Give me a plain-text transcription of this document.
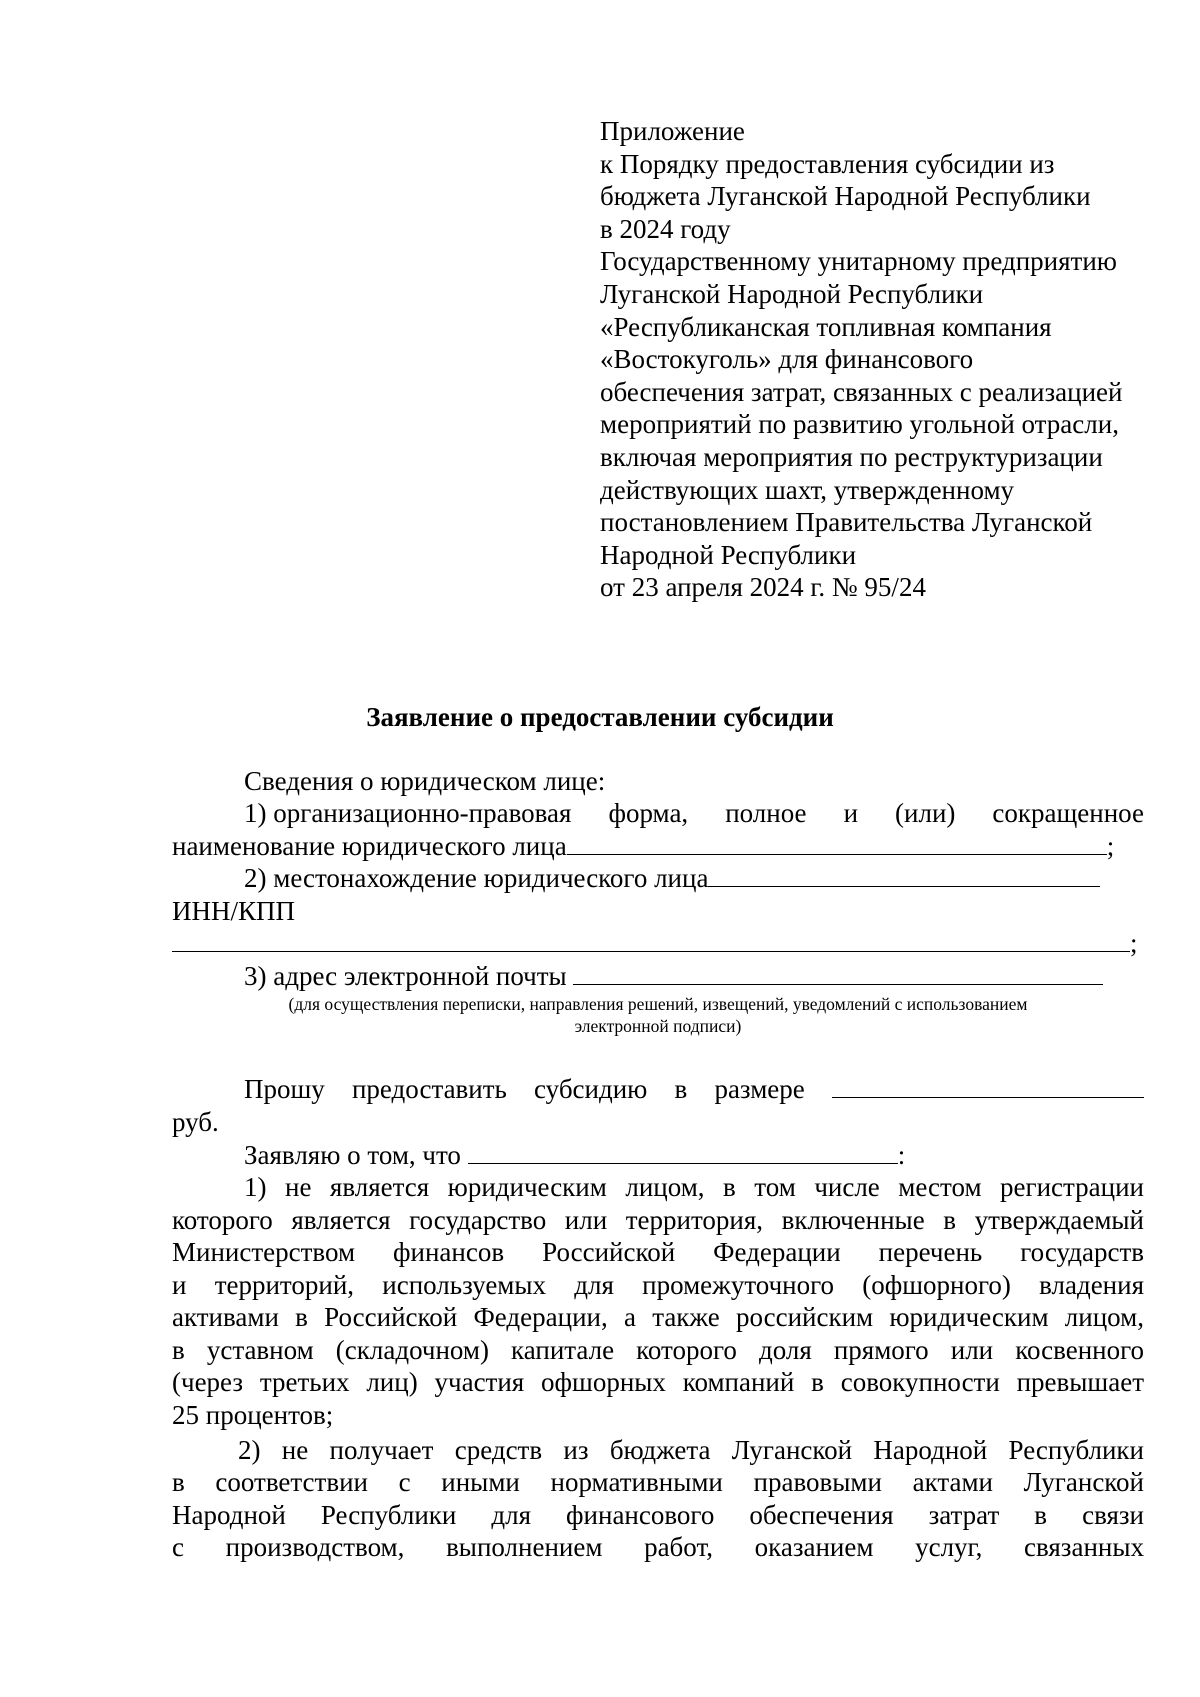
Приложение
к Порядку предоставления субсидии из
бюджета Луганской Народной Республики
в 2024 году
Государственному унитарному предприятию
Луганской Народной Республики
«Республиканская топливная компания
«Востокуголь» для финансового
обеспечения затрат, связанных с реализацией
мероприятий по развитию угольной отрасли,
включая мероприятия по реструктуризации
действующих шахт, утвержденному
постановлением Правительства Луганской
Народной Республики
от 23 апреля 2024 г. № 95/24
Заявление о предоставлении субсидии
Сведения о юридическом лице:
1) организационно-правовая форма, полное и (или) сокращенное
наименование юридического лица	;
2) местонахождение юридического лица
ИНН/КПП
;
3) адрес электронной почты
(для осуществления переписки, направления решений, извещений, уведомлений с использованием
электронной подписи)
Прошу предоставить субсидию в размере
руб.
Заявляю о том, что	:
1) не является юридическим лицом, в том числе местом регистрации
которого является государство или территория, включенные в утверждаемый
Министерством финансов Российской Федерации перечень государств
и территорий, используемых для промежуточного (офшорного) владения
активами в Российской Федерации, а также российским юридическим лицом,
в уставном (складочном) капитале которого доля прямого или косвенного
(через третьих лиц) участия офшорных компаний в совокупности превышает
25 процентов;
2) не получает средств из бюджета Луганской Народной Республики
в соответствии с иными нормативными правовыми актами Луганской
Народной Республики для финансового обеспечения затрат в связи
с производством, выполнением работ, оказанием услуг, связанных
